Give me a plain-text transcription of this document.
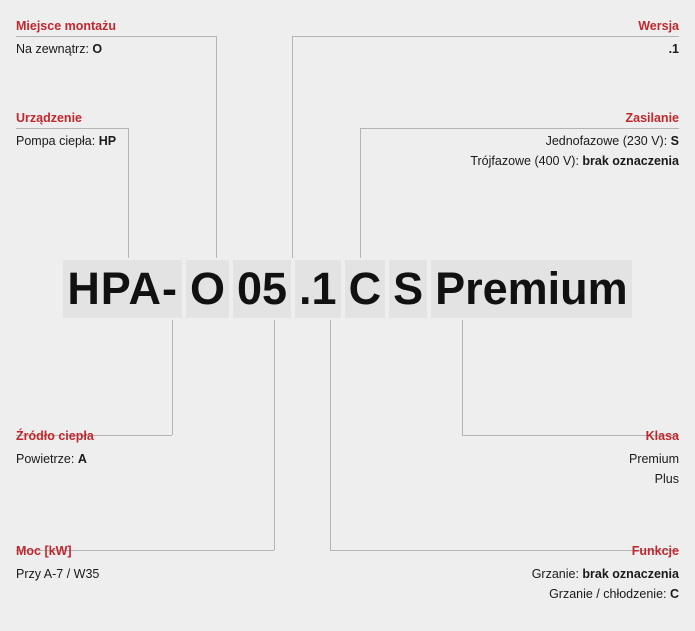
HPA- O 05 .1 C S Premium
Miejsce montażu
Na zewnątrz: O
Urządzenie
Pompa ciepła: HP
Źródło ciepła
Powietrze: A
Moc [kW]
Przy A-7 / W35
Wersja
.1
Zasilanie
Jednofazowe (230 V): S
Trójfazowe (400 V): brak oznaczenia
Klasa
Premium
Plus
Funkcje
Grzanie: brak oznaczenia
Grzanie / chłodzenie: C
